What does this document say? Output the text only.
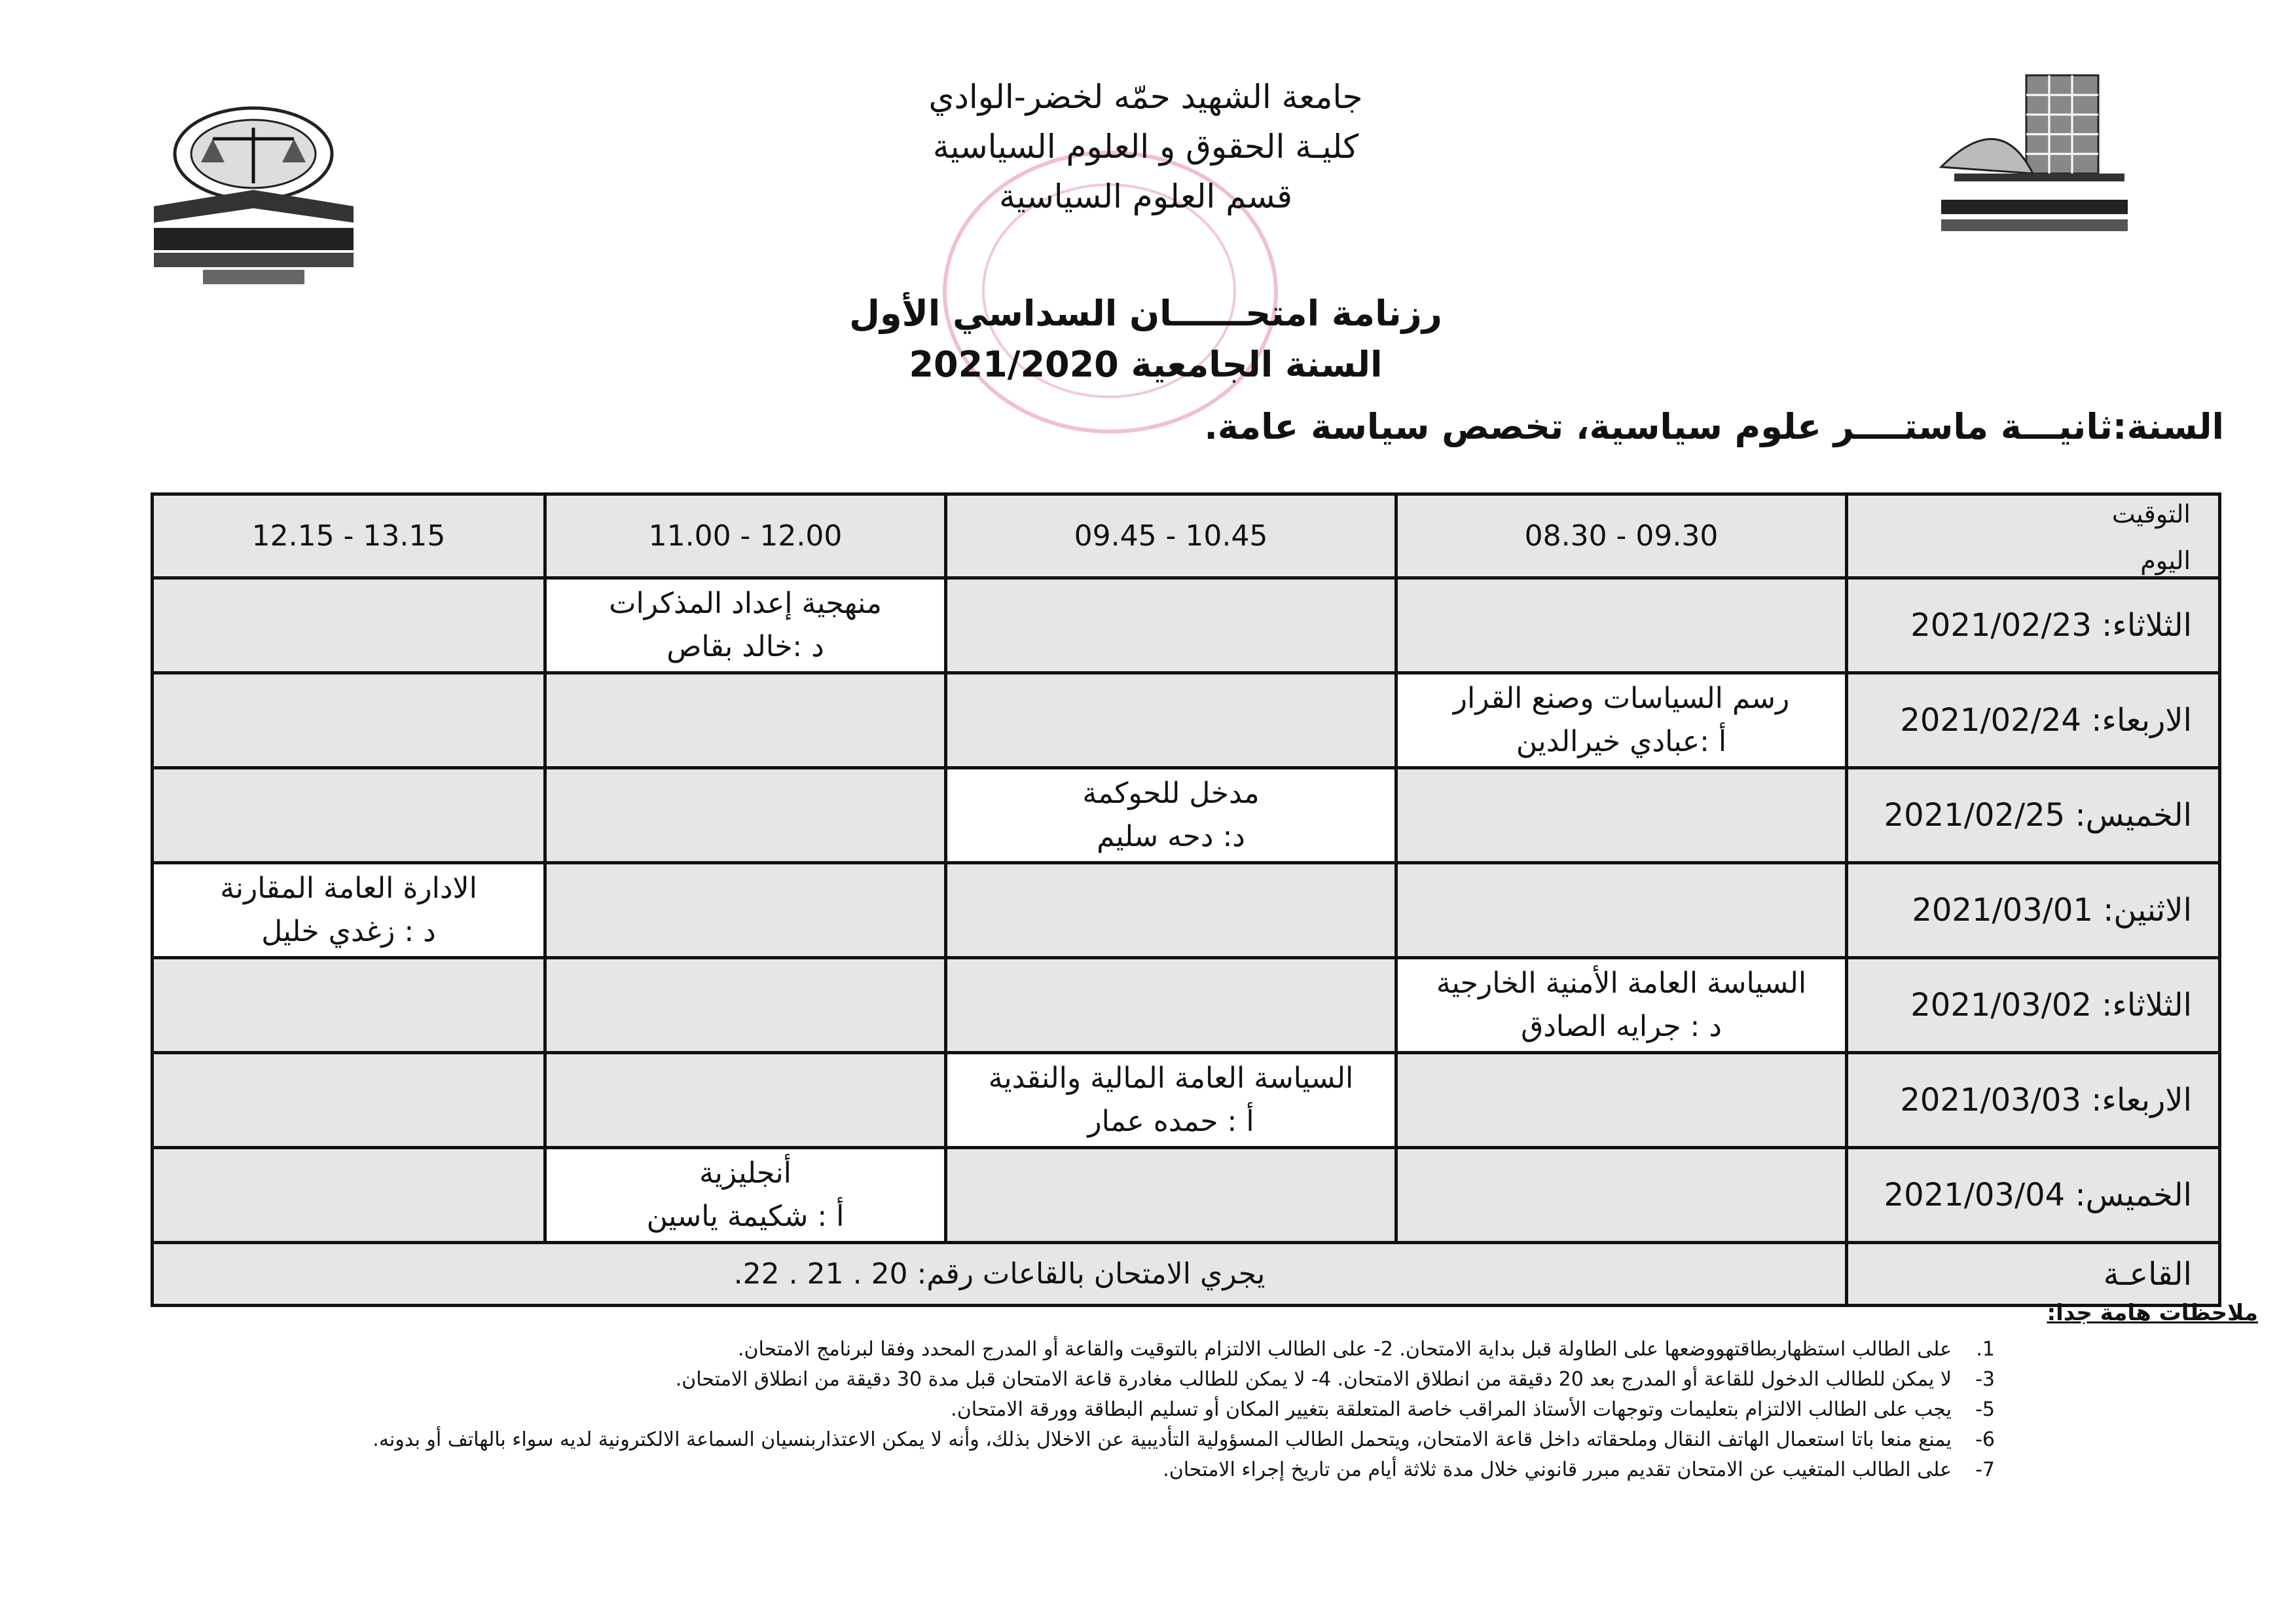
جامعة الشهيد حمّه لخضر-الوادي
كليـة الحقوق و العلوم السياسية
قسم العلوم السياسية
رزنامة امتحــــــان السداسي الأول
السنة الجامعية 2021/2020
السنة:ثانيـــة ماستــــر علوم سياسية، تخصص سياسة عامة.
التوقيت
اليوم	09.30 - 08.30	10.45 - 09.45	12.00 - 11.00	13.15 - 12.15
الثلاثاء: 2021/02/23			منهجية إعداد المذكرات
د :خالد بقاص	

الاربعاء: 2021/02/24	رسم السياسات وصنع القرار
أ :عبادي خيرالدين			

الخميس: 2021/02/25		مدخل للحوكمة
د: دحه سليم		

الاثنين: 2021/03/01				الادارة العامة المقارنة
د : زغدي خليل

الثلاثاء: 2021/03/02	السياسة العامة الأمنية الخارجية
د : جرايه الصادق			

الاربعاء: 2021/03/03		السياسة العامة المالية والنقدية
أ : حمده عمار		

الخميس: 2021/03/04			أنجليزية
أ : شكيمة ياسين	

القاعـة	يجري الامتحان بالقاعات رقم: 20 . 21 . 22.			
ملاحظات هامة جدا:
1.
على الطالب استظهاربطاقتهووضعها على الطاولة قبل بداية الامتحان. 2- على الطالب الالتزام بالتوقيت والقاعة أو المدرج المحدد وفقا لبرنامج الامتحان.
3-
لا يمكن للطالب الدخول للقاعة أو المدرج بعد 20 دقيقة من انطلاق الامتحان. 4- لا يمكن للطالب مغادرة قاعة الامتحان قبل مدة 30 دقيقة من انطلاق الامتحان.
5-
يجب على الطالب الالتزام بتعليمات وتوجهات الأستاذ المراقب خاصة المتعلقة بتغيير المكان أو تسليم البطاقة وورقة الامتحان.
6-
يمنع منعا باتا استعمال الهاتف النقال وملحقاته داخل قاعة الامتحان، ويتحمل الطالب المسؤولية التأديبية عن الاخلال بذلك، وأنه لا يمكن الاعتذاربنسيان السماعة الالكترونية لديه سواء بالهاتف أو بدونه.
7-
على الطالب المتغيب عن الامتحان تقديم مبرر قانوني خلال مدة ثلاثة أيام من تاريخ إجراء الامتحان.
